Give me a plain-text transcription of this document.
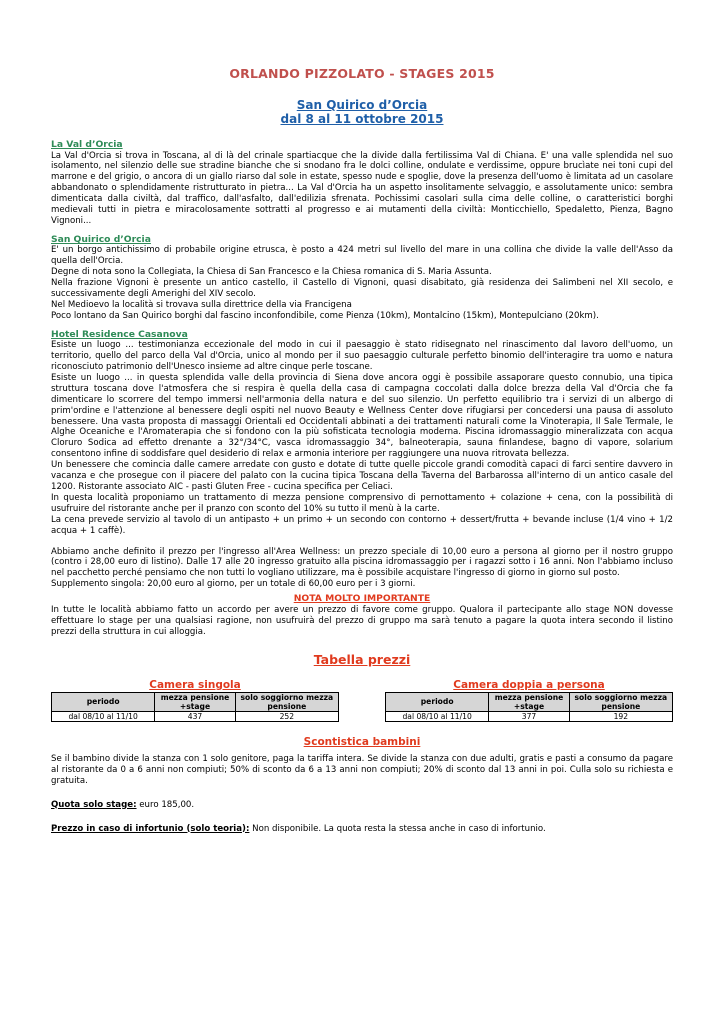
ORLANDO PIZZOLATO - STAGES 2015
San Quirico d’Orcia
dal 8 al 11 ottobre 2015
La Val d’Orcia

La Val d'Orcia si trova in Toscana, al di là del crinale spartiacque che la divide dalla fertilissima Val di Chiana. E' una valle splendida nel suo isolamento, nel silenzio delle sue stradine bianche che si snodano fra le dolci colline, ondulate e verdissime, oppure brucìate nei toni cupi del marrone e del grigio, o ancora di un giallo riarso dal sole in estate, spesso nude e spoglie, dove la presenza dell'uomo è limitata ad un casolare abbandonato o splendidamente ristrutturato in pietra... La Val d'Orcia ha un aspetto insolitamente selvaggio, e assolutamente unico: sembra dimenticata dalla civiltà, dal traffico, dall'asfalto, dall'edilizia sfrenata. Pochissimi casolari sulla cima delle colline, o caratteristici borghi medievali tutti in pietra e miracolosamente sottratti al progresso e ai mutamenti della civiltà: Monticchiello, Spedaletto, Pienza, Bagno Vignoni...

San Quirico d’Orcia

E' un borgo antichissimo di probabile origine etrusca, è posto a 424 metri sul livello del mare in una collina che divide la valle dell'Asso da quella dell'Orcia.

Degne di nota sono la Collegiata, la Chiesa di San Francesco e la Chiesa romanica di S. Maria Assunta.

Nella frazione Vignoni è presente un antico castello, il Castello di Vignoni, quasi disabitato, già residenza dei Salimbeni nel XII secolo, e successivamente degli Amerighi del XIV secolo.

Nel Medioevo la località si trovava sulla direttrice della via Francigena

Poco lontano da San Quirico borghi dal fascino inconfondibile, come Pienza (10km), Montalcino (15km), Montepulciano (20km).

Hotel Residence Casanova

Esiste un luogo ... testimonianza eccezionale del modo in cui il paesaggio è stato ridisegnato nel rinascimento dal lavoro dell'uomo, un territorio, quello del parco della Val d'Orcia, unico al mondo per il suo paesaggio culturale perfetto binomio dell'interagire tra uomo e natura riconosciuto patrimonio dell'Unesco insieme ad altre cinque perle toscane.

Esiste un luogo ... in questa splendida valle della provincia di Siena dove ancora oggi è possibile assaporare questo connubio, una tipica struttura toscana dove l'atmosfera che si respira è quella della casa di campagna coccolati dalla dolce brezza della Val d'Orcia che fa dimenticare lo scorrere del tempo immersi nell'armonia della natura e del suo silenzio. Un perfetto equilibrio tra i servizi di un albergo di prim'ordine e l'attenzione al benessere degli ospiti nel nuovo Beauty e Wellness Center dove rifugiarsi per concedersi una pausa di assoluto benessere. Una vasta proposta di massaggi Orientali ed Occidentali abbinati a dei trattamenti naturali come la Vinoterapia, Il Sale Termale, le Alghe Oceaniche e l'Aromaterapia che si fondono con la più sofisticata tecnologia moderna. Piscina idromassaggio mineralizzata con acqua Cloruro Sodica ad effetto drenante a 32°/34°C, vasca idromassaggio 34°, balneoterapia, sauna finlandese, bagno di vapore, solarium consentono infine di soddisfare quel desiderio di relax e armonia interiore per raggiungere una nuova ritrovata bellezza.

Un benessere che comincia dalle camere arredate con gusto e dotate di tutte quelle piccole grandi comodità capaci di farci sentire davvero in vacanza e che prosegue con il piacere del palato con la cucina tipica Toscana della Taverna del Barbarossa all'interno di un antico casale del 1200. Ristorante associato AIC - pasti Gluten Free - cucina specifica per Celiaci.

In questa località proponiamo un trattamento di mezza pensione comprensivo di pernottamento + colazione + cena, con la possibilità di usufruire del ristorante anche per il pranzo con sconto del 10% su tutto il menù à la carte.

La cena prevede servizio al tavolo di un antipasto + un primo + un secondo con contorno + dessert/frutta + bevande incluse (1/4 vino + 1/2 acqua + 1 caffè).

Abbiamo anche definito il prezzo per l'ingresso all'Area Wellness: un prezzo speciale di 10,00 euro a persona al giorno per il nostro gruppo (contro i 28,00 euro di listino). Dalle 17 alle 20 ingresso gratuito alla piscina idromassaggio per i ragazzi sotto i 16 anni. Non l'abbiamo incluso nel pacchetto perché pensiamo che non tutti lo vogliano utilizzare, ma è possibile acquistare l'ingresso di giorno in giorno sul posto.

Supplemento singola: 20,00 euro al giorno, per un totale di 60,00 euro per i 3 giorni.

NOTA MOLTO IMPORTANTE

In tutte le località abbiamo fatto un accordo per avere un prezzo di favore come gruppo. Qualora il partecipante allo stage NON dovesse effettuare lo stage per una qualsiasi ragione, non usufruirà del prezzo di gruppo ma sarà tenuto a pagare la quota intera secondo il listino prezzi della struttura in cui alloggia.

Tabella prezzi
Camera singola
periodo	mezza pensione +stage	solo soggiorno mezza pensione
dal 08/10 al 11/10	437	252
Camera doppia a persona
periodo	mezza pensione +stage	solo soggiorno mezza pensione
dal 08/10 al 11/10	377	192
Scontistica bambini

Se il bambino divide la stanza con 1 solo genitore, paga la tariffa intera. Se divide la stanza con due adulti, gratis e pasti a consumo da pagare al ristorante da 0 a 6 anni non compiuti; 50% di sconto da 6 a 13 anni non compiuti; 20% di sconto dal 13 anni in poi. Culla solo su richiesta e gratuita.

Quota solo stage: euro 185,00.
Prezzo in caso di infortunio (solo teoria): Non disponibile. La quota resta la stessa anche in caso di infortunio.
